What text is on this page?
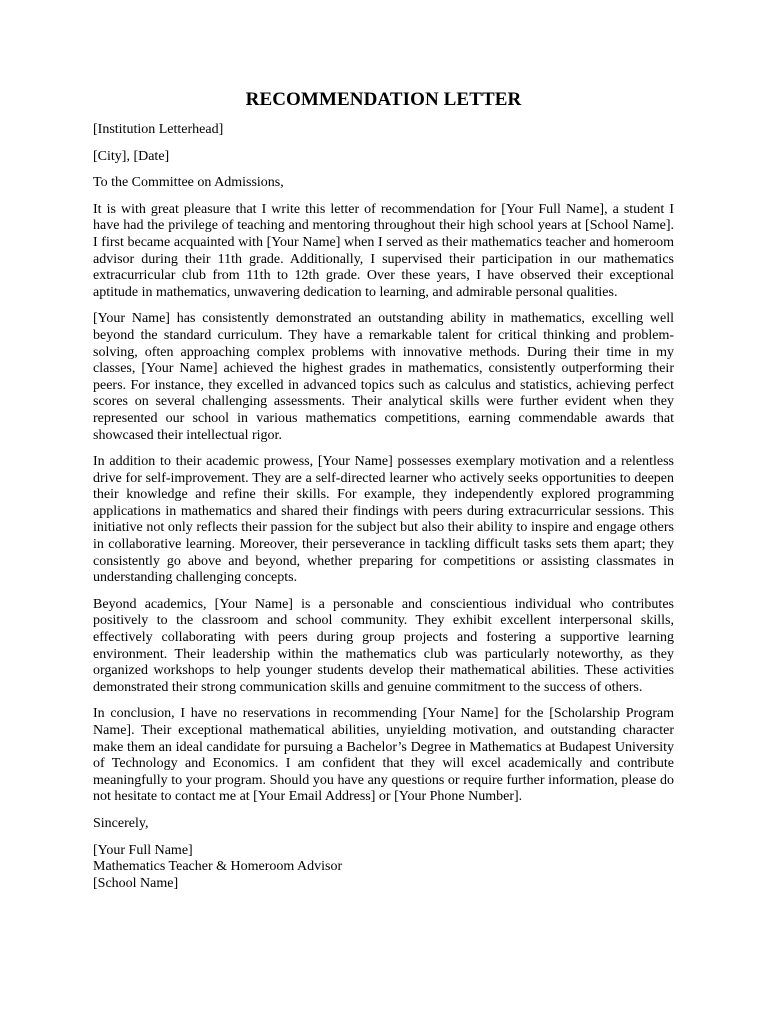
RECOMMENDATION LETTER

[Institution Letterhead]

[City], [Date]

To the Committee on Admissions,

It is with great pleasure that I write this letter of recommendation for [Your Full Name], a student I have had the privilege of teaching and mentoring throughout their high school years at [School Name]. I first became acquainted with [Your Name] when I served as their mathematics teacher and homeroom advisor during their 11th grade. Additionally, I supervised their participation in our mathematics extracurricular club from 11th to 12th grade. Over these years, I have observed their exceptional aptitude in mathematics, unwavering dedication to learning, and admirable personal qualities.

[Your Name] has consistently demonstrated an outstanding ability in mathematics, excelling well beyond the standard curriculum. They have a remarkable talent for critical thinking and problem-solving, often approaching complex problems with innovative methods. During their time in my classes, [Your Name] achieved the highest grades in mathematics, consistently outperforming their peers. For instance, they excelled in advanced topics such as calculus and statistics, achieving perfect scores on several challenging assessments. Their analytical skills were further evident when they represented our school in various mathematics competitions, earning commendable awards that showcased their intellectual rigor.

In addition to their academic prowess, [Your Name] possesses exemplary motivation and a relentless drive for self-improvement. They are a self-directed learner who actively seeks opportunities to deepen their knowledge and refine their skills. For example, they independently explored programming applications in mathematics and shared their findings with peers during extracurricular sessions. This initiative not only reflects their passion for the subject but also their ability to inspire and engage others in collaborative learning. Moreover, their perseverance in tackling difficult tasks sets them apart; they consistently go above and beyond, whether preparing for competitions or assisting classmates in understanding challenging concepts.

Beyond academics, [Your Name] is a personable and conscientious individual who contributes positively to the classroom and school community. They exhibit excellent interpersonal skills, effectively collaborating with peers during group projects and fostering a supportive learning environment. Their leadership within the mathematics club was particularly noteworthy, as they organized workshops to help younger students develop their mathematical abilities. These activities demonstrated their strong communication skills and genuine commitment to the success of others.

In conclusion, I have no reservations in recommending [Your Name] for the [Scholarship Program Name]. Their exceptional mathematical abilities, unyielding motivation, and outstanding character make them an ideal candidate for pursuing a Bachelor’s Degree in Mathematics at Budapest University of Technology and Economics. I am confident that they will excel academically and contribute meaningfully to your program. Should you have any questions or require further information, please do not hesitate to contact me at [Your Email Address] or [Your Phone Number].

Sincerely,

[Your Full Name]
Mathematics Teacher & Homeroom Advisor
[School Name]
